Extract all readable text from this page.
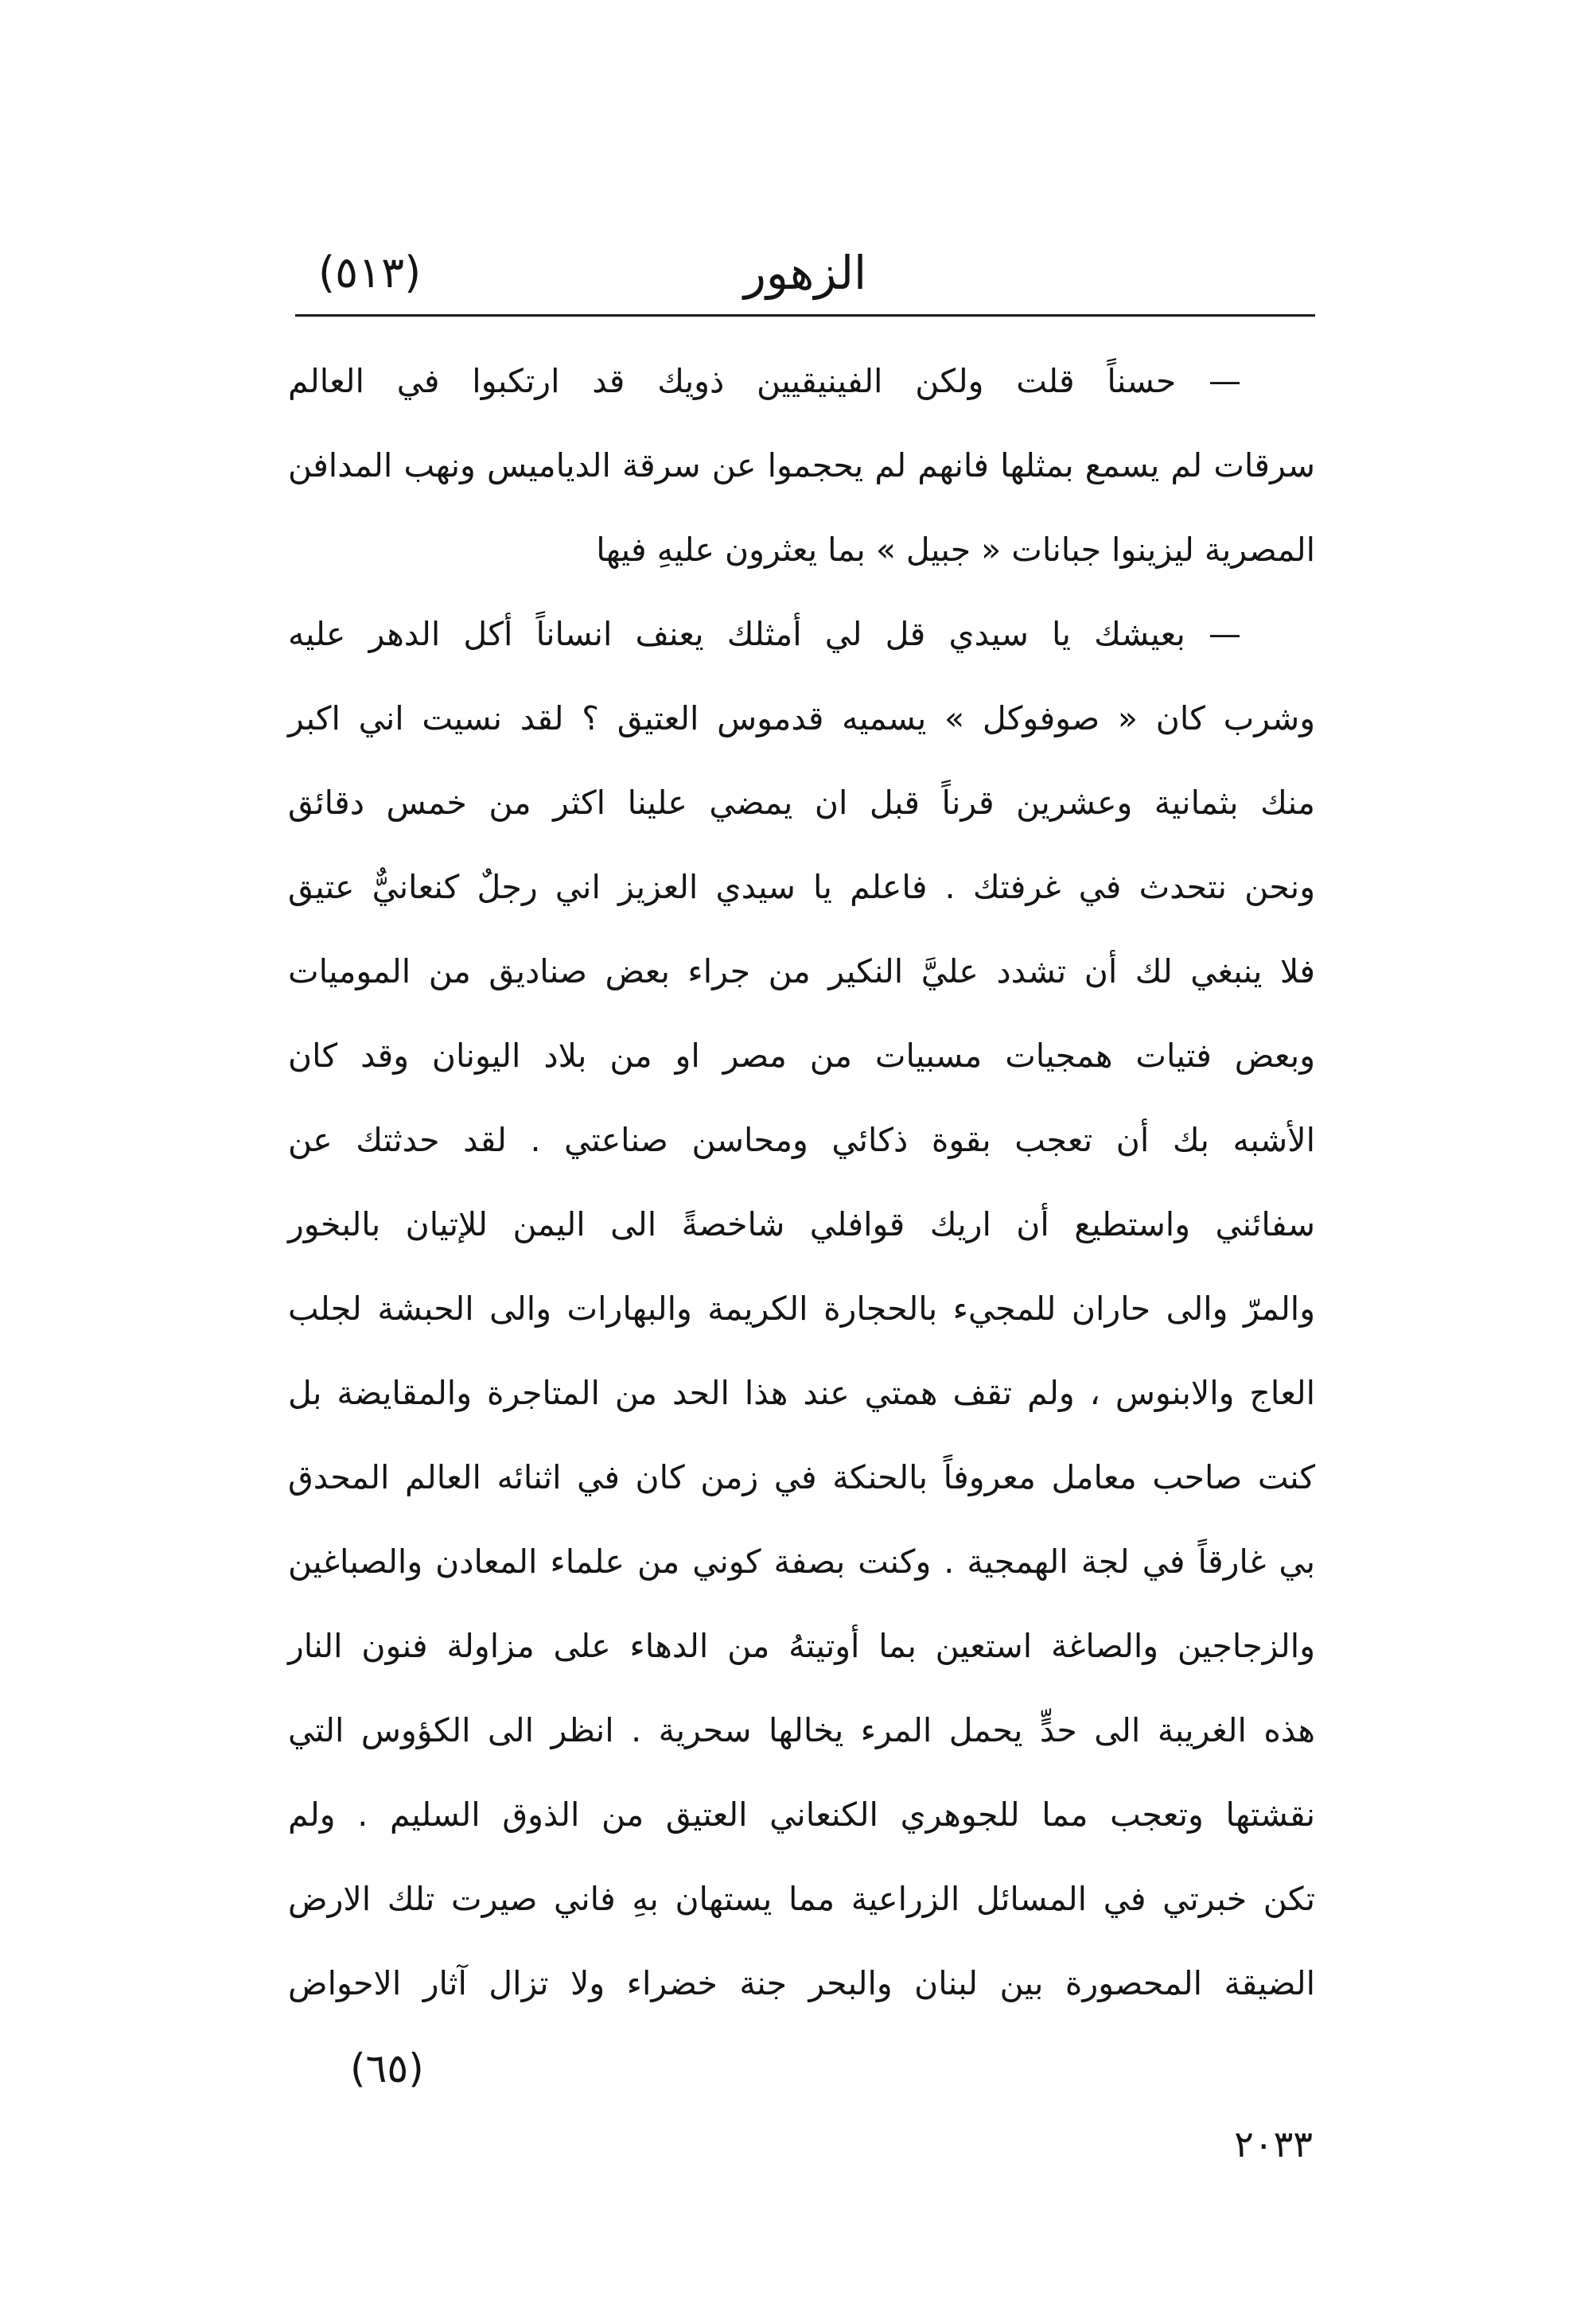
الزهور
(٥١٣)

— حسناً قلت ولكن الفينيقيين ذويك قد ارتكبوا في العالم

سرقات لم يسمع بمثلها فانهم لم يحجموا عن سرقة الدياميس ونهب المدافن

المصرية ليزينوا جبانات « جبيل » بما يعثرون عليهِ فيها

— بعيشك يا سيدي قل لي أمثلك يعنف انساناً أكل الدهر عليه

وشرب كان « صوفوكل » يسميه قدموس العتيق ؟ لقد نسيت اني اكبر

منك بثمانية وعشرين قرناً قبل ان يمضي علينا اكثر من خمس دقائق

ونحن نتحدث في غرفتك . فاعلم يا سيدي العزيز اني رجلٌ كنعانيٌّ عتيق

فلا ينبغي لك أن تشدد عليَّ النكير من جراء بعض صناديق من الموميات

وبعض فتيات همجيات مسبيات من مصر او من بلاد اليونان وقد كان

الأشبه بك أن تعجب بقوة ذكائي ومحاسن صناعتي . لقد حدثتك عن

سفائني واستطيع أن اريك قوافلي شاخصةً الى اليمن للإتيان بالبخور

والمرّ والى حاران للمجيء بالحجارة الكريمة والبهارات والى الحبشة لجلب

العاج والابنوس ، ولم تقف همتي عند هذا الحد من المتاجرة والمقايضة بل

كنت صاحب معامل معروفاً بالحنكة في زمن كان في اثنائه العالم المحدق

بي غارقاً في لجة الهمجية . وكنت بصفة كوني من علماء المعادن والصباغين

والزجاجين والصاغة استعين بما أوتيتهُ من الدهاء على مزاولة فنون النار

هذه الغريبة الى حدٍّ يحمل المرء يخالها سحرية . انظر الى الكؤوس التي

نقشتها وتعجب مما للجوهري الكنعاني العتيق من الذوق السليم . ولم

تكن خبرتي في المسائل الزراعية مما يستهان بهِ فاني صيرت تلك الارض

الضيقة المحصورة بين لبنان والبحر جنة خضراء ولا تزال آثار الاحواض

(٦٥)
٢٠٣٣
